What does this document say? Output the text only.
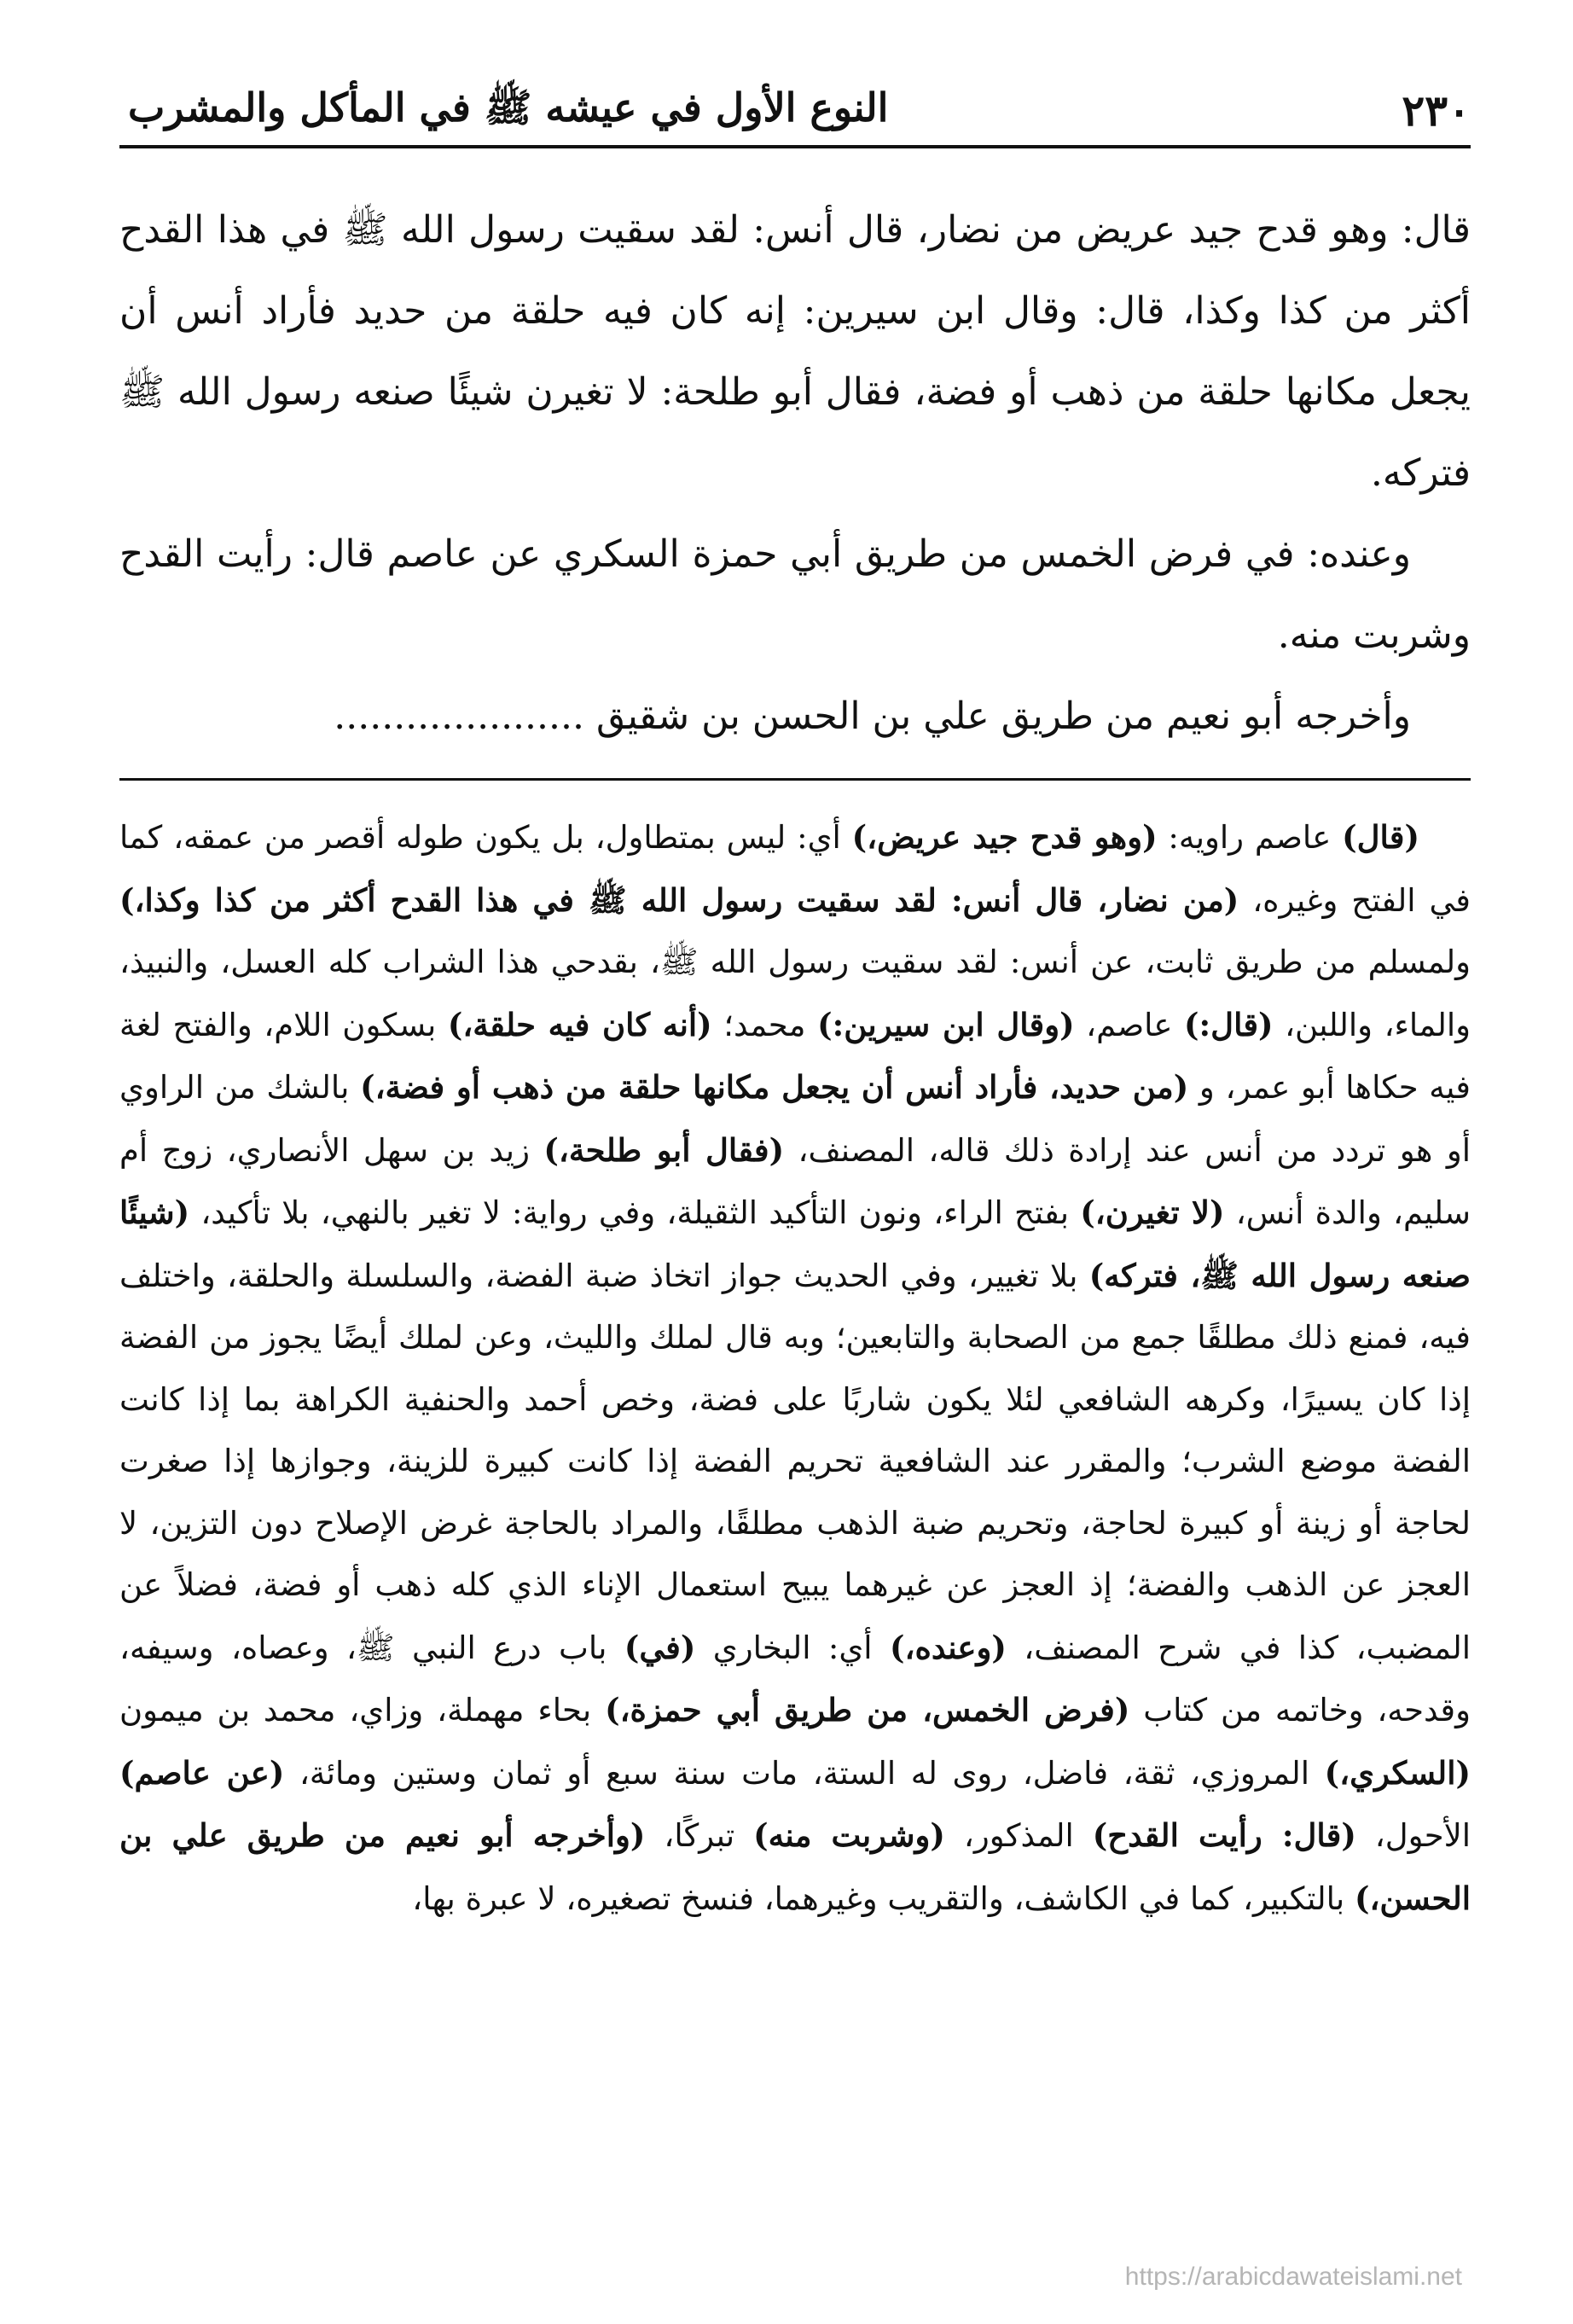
٢٣٠
النوع الأول في عيشه ﷺ في المأكل والمشرب

قال: وهو قدح جيد عريض من نضار، قال أنس: لقد سقيت رسول الله ﷺ في هذا القدح أكثر من كذا وكذا، قال: وقال ابن سيرين: إنه كان فيه حلقة من حديد فأراد أنس أن يجعل مكانها حلقة من ذهب أو فضة، فقال أبو طلحة: لا تغيرن شيئًا صنعه رسول الله ﷺ فتركه.

وعنده: في فرض الخمس من طريق أبي حمزة السكري عن عاصم قال: رأيت القدح وشربت منه.

وأخرجه أبو نعيم من طريق علي بن الحسن بن شقيق .....................

(قال) عاصم راويه: (وهو قدح جيد عريض،) أي: ليس بمتطاول، بل يكون طوله أقصر من عمقه، كما في الفتح وغيره، (من نضار، قال أنس: لقد سقيت رسول الله ﷺ في هذا القدح أكثر من كذا وكذا،) ولمسلم من طريق ثابت، عن أنس: لقد سقيت رسول الله ﷺ، بقدحي هذا الشراب كله العسل، والنبيذ، والماء، واللبن، (قال:) عاصم، (وقال ابن سيرين:) محمد؛ (أنه كان فيه حلقة،) بسكون اللام، والفتح لغة فيه حكاها أبو عمر، و (من حديد، فأراد أنس أن يجعل مكانها حلقة من ذهب أو فضة،) بالشك من الراوي أو هو تردد من أنس عند إرادة ذلك قاله، المصنف، (فقال أبو طلحة،) زيد بن سهل الأنصاري، زوج أم سليم، والدة أنس، (لا تغيرن،) بفتح الراء، ونون التأكيد الثقيلة، وفي رواية: لا تغير بالنهي، بلا تأكيد، (شيئًا صنعه رسول الله ﷺ، فتركه) بلا تغيير، وفي الحديث جواز اتخاذ ضبة الفضة، والسلسلة والحلقة، واختلف فيه، فمنع ذلك مطلقًا جمع من الصحابة والتابعين؛ وبه قال لملك والليث، وعن لملك أيضًا يجوز من الفضة إذا كان يسيرًا، وكرهه الشافعي لئلا يكون شاربًا على فضة، وخص أحمد والحنفية الكراهة بما إذا كانت الفضة موضع الشرب؛ والمقرر عند الشافعية تحريم الفضة إذا كانت كبيرة للزينة، وجوازها إذا صغرت لحاجة أو زينة أو كبيرة لحاجة، وتحريم ضبة الذهب مطلقًا، والمراد بالحاجة غرض الإصلاح دون التزين، لا العجز عن الذهب والفضة؛ إذ العجز عن غيرهما يبيح استعمال الإناء الذي كله ذهب أو فضة، فضلاً عن المضبب، كذا في شرح المصنف، (وعنده،) أي: البخاري (في) باب درع النبي ﷺ، وعصاه، وسيفه، وقدحه، وخاتمه من كتاب (فرض الخمس، من طريق أبي حمزة،) بحاء مهملة، وزاي، محمد بن ميمون (السكري،) المروزي، ثقة، فاضل، روى له الستة، مات سنة سبع أو ثمان وستين ومائة، (عن عاصم) الأحول، (قال: رأيت القدح) المذكور، (وشربت منه) تبركًا، (وأخرجه أبو نعيم من طريق علي بن الحسن،) بالتكبير، كما في الكاشف، والتقريب وغيرهما، فنسخ تصغيره، لا عبرة بها،

https://arabicdawateislami.net
